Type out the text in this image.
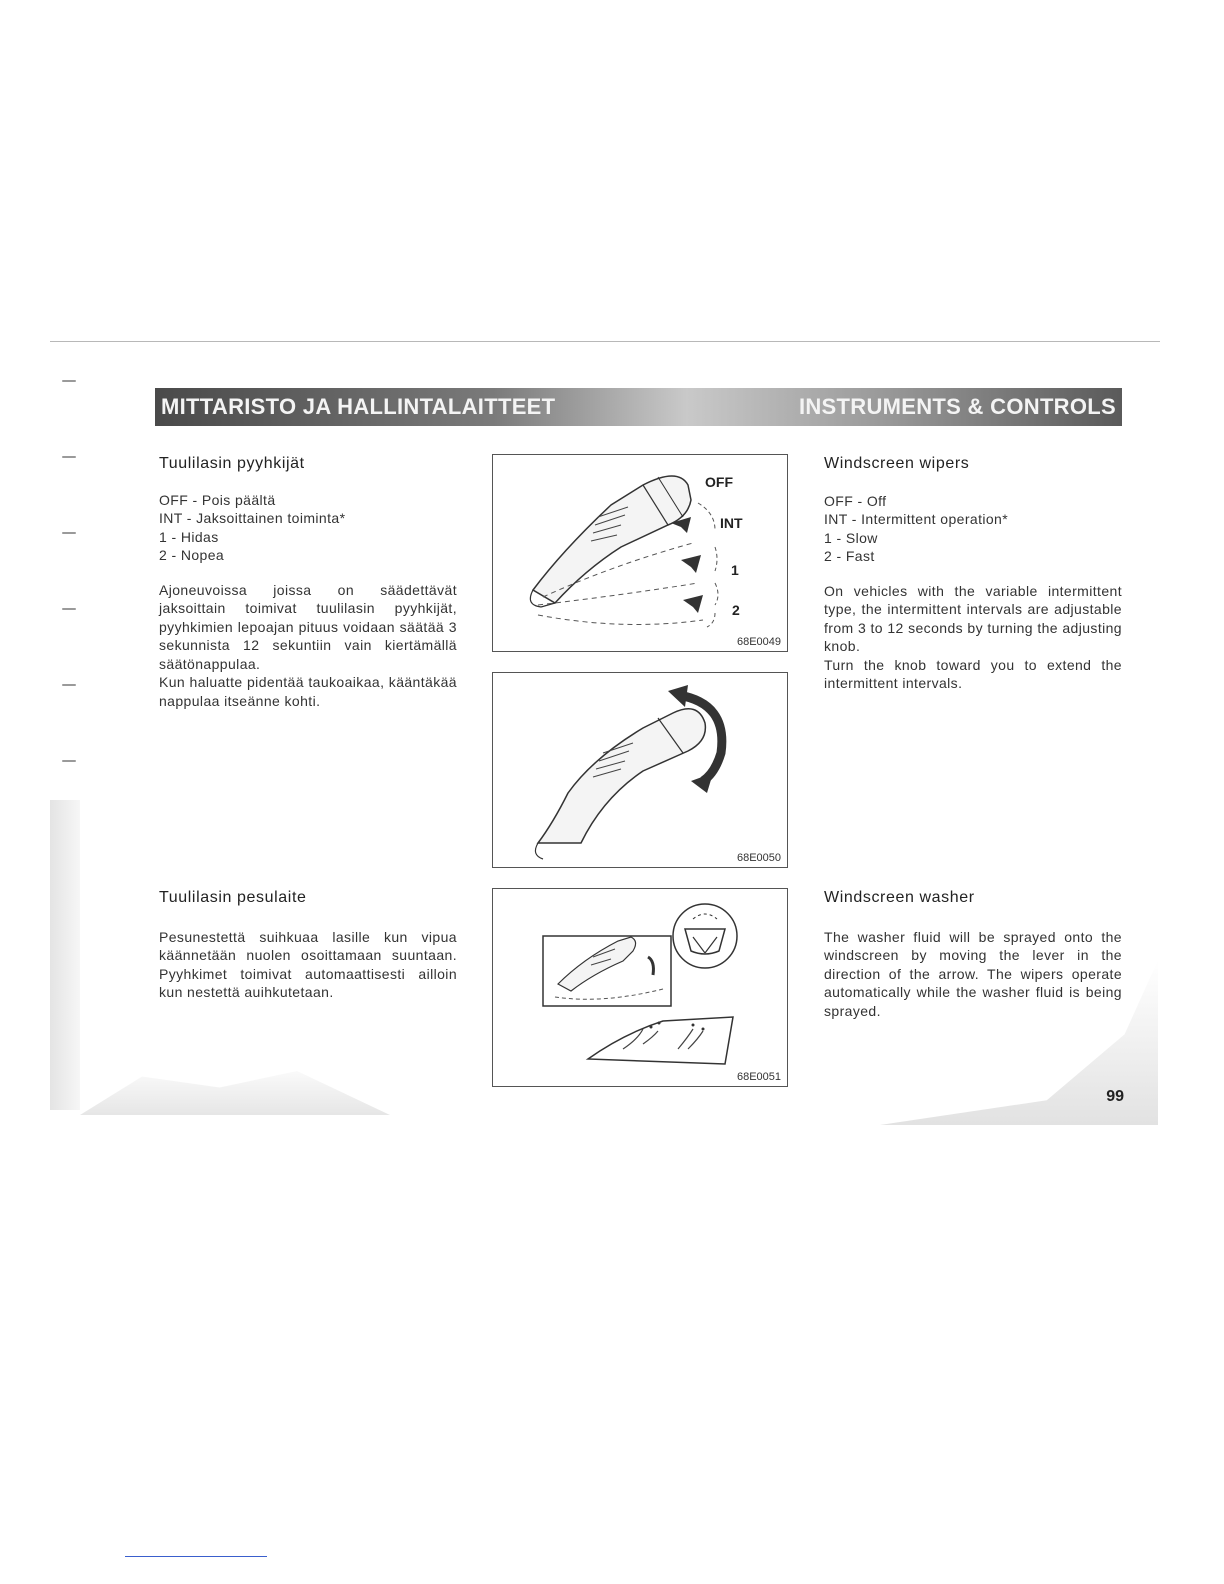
MITTARISTO JA HALLINTALAITTEET	INSTRUMENTS & CONTROLS
Tuulilasin pyyhkijät

OFF - Pois päältä

INT - Jaksoittainen toiminta*

1 - Hidas

2 - Nopea

Ajoneuvoissa joissa on säädettävät jaksoittain toimivat tuulilasin pyyhkijät, pyyhkimien lepoajan pituus voidaan säätää 3 sekunnista 12 sekuntiin vain kiertämällä säätönappulaa.

Kun haluatte pidentää taukoaikaa, kääntäkää nappulaa itseänne kohti.

Tuulilasin pesulaite

Pesunestettä suihkuaa lasille kun vipua käännetään nuolen osoittamaan suuntaan. Pyyhkimet toimivat automaattisesti ailloin kun nestettä auihkutetaan.

Windscreen wipers

OFF - Off

INT - Intermittent operation*

1 - Slow

2 - Fast

On vehicles with the variable intermittent type, the intermittent intervals are adjustable from 3 to 12 seconds by turning the adjusting knob.

Turn the knob toward you to extend the intermittent intervals.

Windscreen washer

The washer fluid will be sprayed onto the windscreen by moving the lever in the direction of the arrow. The wipers operate automatically while the washer fluid is being sprayed.

OFF
INT
1
2
68E0049
68E0050
68E0051
99
